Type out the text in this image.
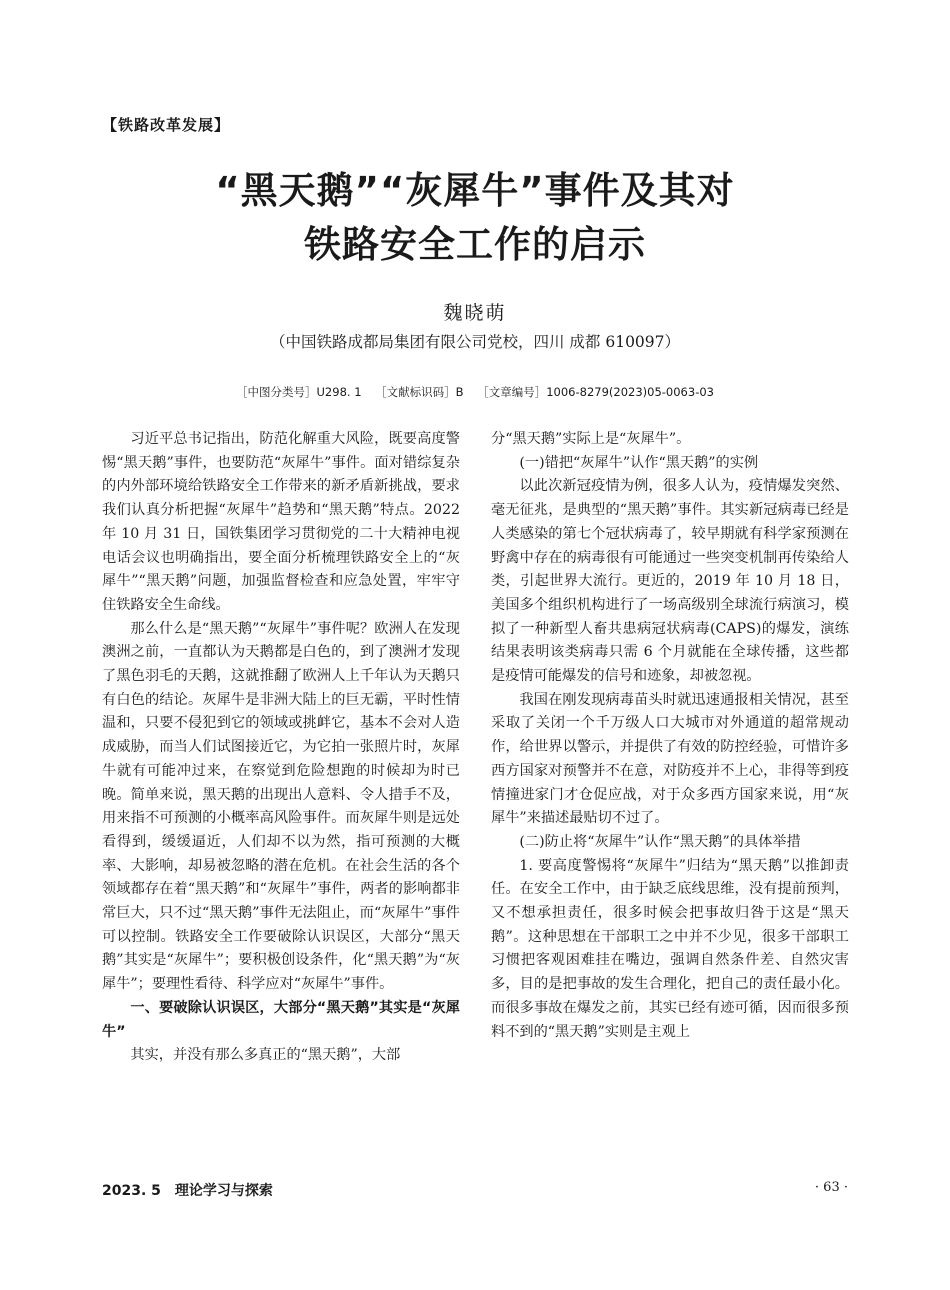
【铁路改革发展】
“黑天鹅”“灰犀牛”事件及其对
铁路安全工作的启示
魏晓萌
（中国铁路成都局集团有限公司党校，四川 成都 610097）
［中图分类号］U298. 1 ［文献标识码］B ［文章编号］1006-8279(2023)05-0063-03

习近平总书记指出，防范化解重大风险，既要高度警惕“黑天鹅”事件，也要防范“灰犀牛”事件。面对错综复杂的内外部环境给铁路安全工作带来的新矛盾新挑战，要求我们认真分析把握“灰犀牛”趋势和“黑天鹅”特点。2022 年 10 月 31 日，国铁集团学习贯彻党的二十大精神电视电话会议也明确指出，要全面分析梳理铁路安全上的“灰犀牛”“黑天鹅”问题，加强监督检查和应急处置，牢牢守住铁路安全生命线。

那么什么是“黑天鹅”“灰犀牛”事件呢？欧洲人在发现澳洲之前，一直都认为天鹅都是白色的，到了澳洲才发现了黑色羽毛的天鹅，这就推翻了欧洲人上千年认为天鹅只有白色的结论。灰犀牛是非洲大陆上的巨无霸，平时性情温和，只要不侵犯到它的领域或挑衅它，基本不会对人造成威胁，而当人们试图接近它，为它拍一张照片时，灰犀牛就有可能冲过来，在察觉到危险想跑的时候却为时已晚。简单来说，黑天鹅的出现出人意料、令人措手不及，用来指不可预测的小概率高风险事件。而灰犀牛则是远处看得到，缓缓逼近，人们却不以为然，指可预测的大概率、大影响，却易被忽略的潜在危机。在社会生活的各个领域都存在着“黑天鹅”和“灰犀牛”事件，两者的影响都非常巨大，只不过“黑天鹅”事件无法阻止，而“灰犀牛”事件可以控制。铁路安全工作要破除认识误区，大部分“黑天鹅”其实是“灰犀牛”；要积极创设条件，化“黑天鹅”为“灰犀牛”；要理性看待、科学应对“灰犀牛”事件。

一、要破除认识误区，大部分“黑天鹅”其实是“灰犀牛”

其实，并没有那么多真正的“黑天鹅”，大部

分“黑天鹅”实际上是“灰犀牛”。

(一)错把“灰犀牛”认作“黑天鹅”的实例

以此次新冠疫情为例，很多人认为，疫情爆发突然、毫无征兆，是典型的“黑天鹅”事件。其实新冠病毒已经是人类感染的第七个冠状病毒了，较早期就有科学家预测在野禽中存在的病毒很有可能通过一些突变机制再传染给人类，引起世界大流行。更近的，2019 年 10 月 18 日，美国多个组织机构进行了一场高级别全球流行病演习，模拟了一种新型人畜共患病冠状病毒(CAPS)的爆发，演练结果表明该类病毒只需 6 个月就能在全球传播，这些都是疫情可能爆发的信号和迹象，却被忽视。

我国在刚发现病毒苗头时就迅速通报相关情况，甚至采取了关闭一个千万级人口大城市对外通道的超常规动作，给世界以警示，并提供了有效的防控经验，可惜许多西方国家对预警并不在意，对防疫并不上心，非得等到疫情撞进家门才仓促应战，对于众多西方国家来说，用“灰犀牛”来描述最贴切不过了。

(二)防止将“灰犀牛”认作“黑天鹅”的具体举措

1. 要高度警惕将“灰犀牛”归结为“黑天鹅”以推卸责任。在安全工作中，由于缺乏底线思维，没有提前预判，又不想承担责任，很多时候会把事故归咎于这是“黑天鹅”。这种思想在干部职工之中并不少见，很多干部职工习惯把客观困难挂在嘴边，强调自然条件差、自然灾害多，目的是把事故的发生合理化，把自己的责任最小化。而很多事故在爆发之前，其实已经有迹可循，因而很多预料不到的“黑天鹅”实则是主观上

2023. 5　理论学习与探索	· 63 ·
